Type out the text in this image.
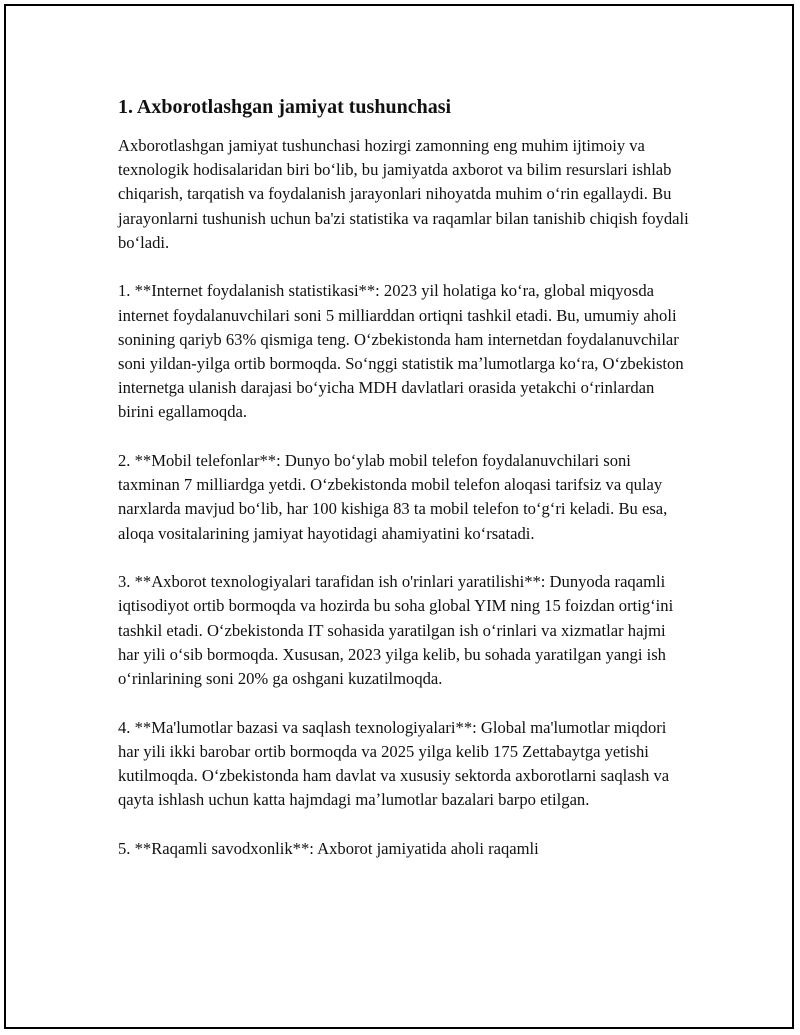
1. Axborotlashgan jamiyat tushunchasi

Axborotlashgan jamiyat tushunchasi hozirgi zamonning eng muhim ijtimoiy va texnologik hodisalaridan biri boʻlib, bu jamiyatda axborot va bilim resurslari ishlab chiqarish, tarqatish va foydalanish jarayonlari nihoyatda muhim oʻrin egallaydi. Bu jarayonlarni tushunish uchun ba'zi statistika va raqamlar bilan tanishib chiqish foydali boʻladi.

1. **Internet foydalanish statistikasi**: 2023 yil holatiga koʻra, global miqyosda internet foydalanuvchilari soni 5 milliarddan ortiqni tashkil etadi. Bu, umumiy aholi sonining qariyb 63% qismiga teng. Oʻzbekistonda ham internetdan foydalanuvchilar soni yildan-yilga ortib bormoqda. Soʻnggi statistik maʼlumotlarga koʻra, Oʻzbekiston internetga ulanish darajasi boʻyicha MDH davlatlari orasida yetakchi oʻrinlardan birini egallamoqda.

2. **Mobil telefonlar**: Dunyo boʻylab mobil telefon foydalanuvchilari soni taxminan 7 milliardga yetdi. Oʻzbekistonda mobil telefon aloqasi tarifsiz va qulay narxlarda mavjud boʻlib, har 100 kishiga 83 ta mobil telefon toʻgʻri keladi. Bu esa, aloqa vositalarining jamiyat hayotidagi ahamiyatini koʻrsatadi.

3. **Axborot texnologiyalari tarafidan ish o'rinlari yaratilishi**: Dunyoda raqamli iqtisodiyot ortib bormoqda va hozirda bu soha global YIM ning 15 foizdan ortigʻini tashkil etadi. Oʻzbekistonda IT sohasida yaratilgan ish oʻrinlari va xizmatlar hajmi har yili oʻsib bormoqda. Xususan, 2023 yilga kelib, bu sohada yaratilgan yangi ish oʻrinlarining soni 20% ga oshgani kuzatilmoqda.

4. **Ma'lumotlar bazasi va saqlash texnologiyalari**: Global ma'lumotlar miqdori har yili ikki barobar ortib bormoqda va 2025 yilga kelib 175 Zettabaytga yetishi kutilmoqda. Oʻzbekistonda ham davlat va xususiy sektorda axborotlarni saqlash va qayta ishlash uchun katta hajmdagi maʼlumotlar bazalari barpo etilgan.

5. **Raqamli savodxonlik**: Axborot jamiyatida aholi raqamli
